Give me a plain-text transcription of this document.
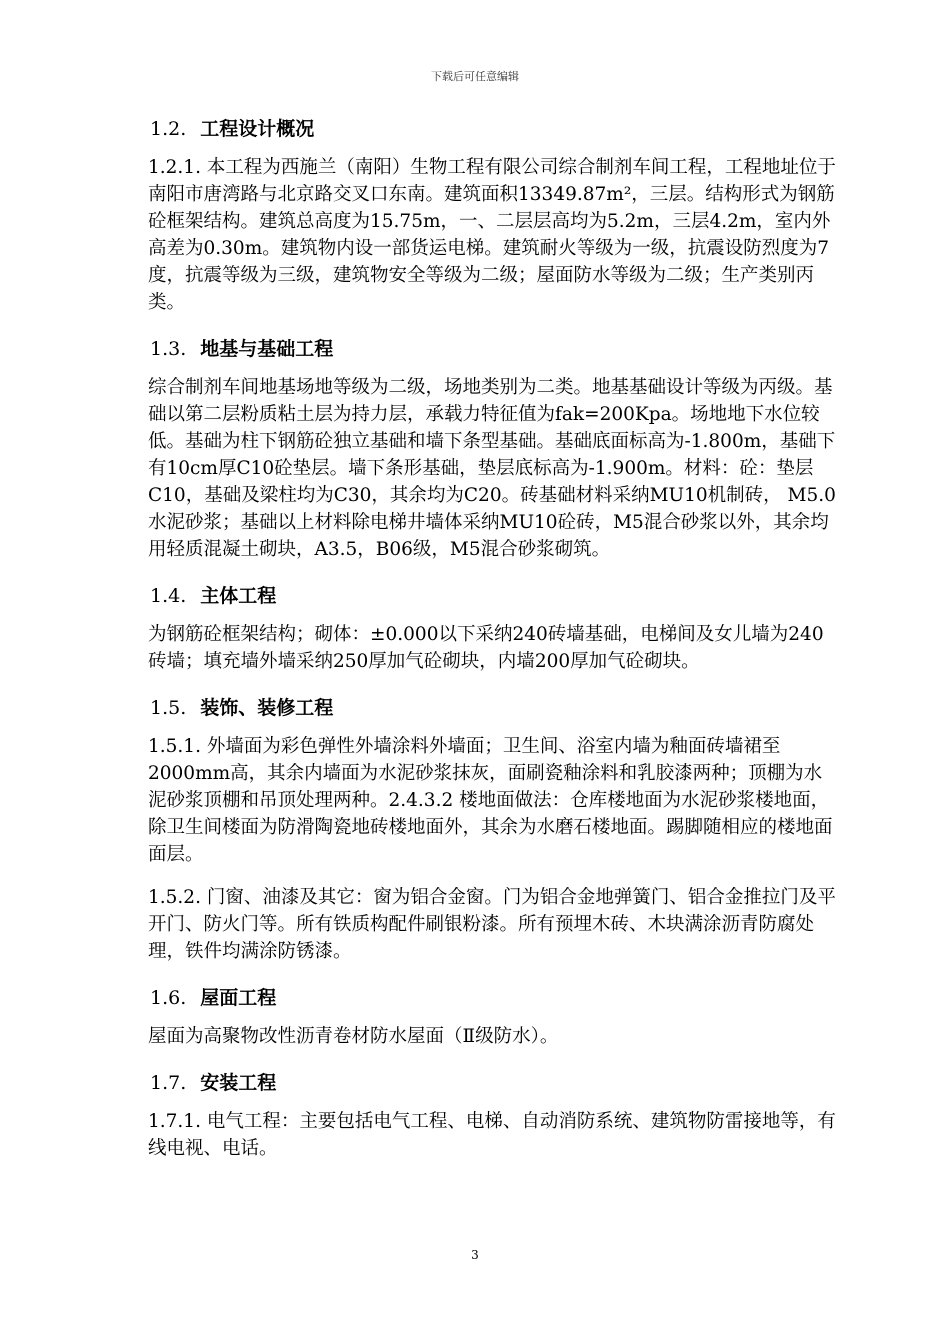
下载后可任意编辑
1.2. 工程设计概况

1.2.1. 本工程为西施兰（南阳）生物工程有限公司综合制剂车间工程，工程地址位于南阳市唐湾路与北京路交叉口东南。建筑面积13349.87m²，三层。结构形式为钢筋砼框架结构。建筑总高度为15.75m，一、二层层高均为5.2m，三层4.2m，室内外高差为0.30m。建筑物内设一部货运电梯。建筑耐火等级为一级，抗震设防烈度为7度，抗震等级为三级，建筑物安全等级为二级；屋面防水等级为二级；生产类别丙类。

1.3. 地基与基础工程

综合制剂车间地基场地等级为二级，场地类别为二类。地基基础设计等级为丙级。基础以第二层粉质粘土层为持力层，承载力特征值为fak=200Kpa。场地地下水位较低。基础为柱下钢筋砼独立基础和墙下条型基础。基础底面标高为-1.800m，基础下有10cm厚C10砼垫层。墙下条形基础，垫层底标高为-1.900m。材料：砼：垫层C10，基础及梁柱均为C30，其余均为C20。砖基础材料采纳MU10机制砖， M5.0水泥砂浆；基础以上材料除电梯井墙体采纳MU10砼砖，M5混合砂浆以外，其余均用轻质混凝土砌块，A3.5，B06级，M5混合砂浆砌筑。

1.4. 主体工程

为钢筋砼框架结构；砌体：±0.000以下采纳240砖墙基础，电梯间及女儿墙为240砖墙；填充墙外墙采纳250厚加气砼砌块，内墙200厚加气砼砌块。

1.5. 装饰、装修工程

1.5.1. 外墙面为彩色弹性外墙涂料外墙面；卫生间、浴室内墙为釉面砖墙裙至2000mm高，其余内墙面为水泥砂浆抹灰，面刷瓷釉涂料和乳胶漆两种；顶棚为水泥砂浆顶棚和吊顶处理两种。2.4.3.2 楼地面做法：仓库楼地面为水泥砂浆楼地面，除卫生间楼面为防滑陶瓷地砖楼地面外，其余为水磨石楼地面。踢脚随相应的楼地面面层。

1.5.2. 门窗、油漆及其它：窗为铝合金窗。门为铝合金地弹簧门、铝合金推拉门及平开门、防火门等。所有铁质构配件刷银粉漆。所有预埋木砖、木块满涂沥青防腐处理，铁件均满涂防锈漆。

1.6. 屋面工程

屋面为高聚物改性沥青卷材防水屋面（Ⅱ级防水）。

1.7. 安装工程

1.7.1. 电气工程：主要包括电气工程、电梯、自动消防系统、建筑物防雷接地等，有线电视、电话。

3
